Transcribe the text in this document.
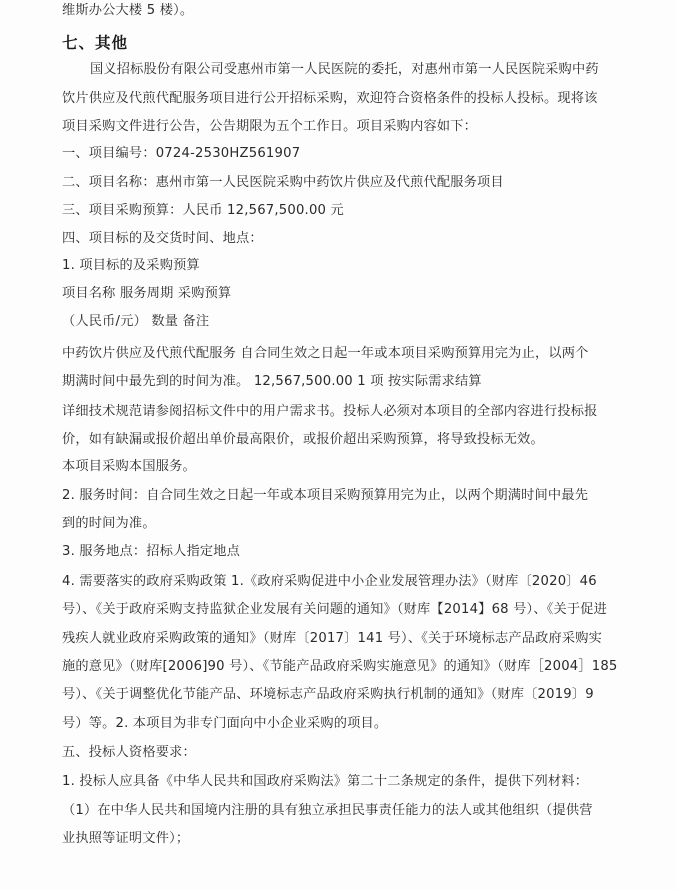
维斯办公大楼 5 楼）。
七、其他
国义招标股份有限公司受惠州市第一人民医院的委托，对惠州市第一人民医院采购中药
饮片供应及代煎代配服务项目进行公开招标采购，欢迎符合资格条件的投标人投标。现将该
项目采购文件进行公告，公告期限为五个工作日。项目采购内容如下：
一、项目编号：0724-2530HZ561907
二、项目名称：惠州市第一人民医院采购中药饮片供应及代煎代配服务项目
三、项目采购预算：人民币 12,567,500.00 元
四、项目标的及交货时间、地点：
1. 项目标的及采购预算
项目名称 服务周期 采购预算
（人民币/元） 数量 备注
中药饮片供应及代煎代配服务 自合同生效之日起一年或本项目采购预算用完为止，以两个
期满时间中最先到的时间为准。 12,567,500.00 1 项 按实际需求结算
详细技术规范请参阅招标文件中的用户需求书。投标人必须对本项目的全部内容进行投标报
价，如有缺漏或报价超出单价最高限价，或报价超出采购预算，将导致投标无效。
本项目采购本国服务。
2. 服务时间：自合同生效之日起一年或本项目采购预算用完为止，以两个期满时间中最先
到的时间为准。
3. 服务地点：招标人指定地点
4. 需要落实的政府采购政策 1.《政府采购促进中小企业发展管理办法》（财库〔2020〕46
号）、《关于政府采购支持监狱企业发展有关问题的通知》（财库【2014】68 号）、《关于促进
残疾人就业政府采购政策的通知》（财库〔2017〕141 号）、《关于环境标志产品政府采购实
施的意见》（财库[2006]90 号）、《节能产品政府采购实施意见》的通知》（财库［2004］185
号）、《关于调整优化节能产品、环境标志产品政府采购执行机制的通知》（财库〔2019〕9
号）等。2. 本项目为非专门面向中小企业采购的项目。
五、投标人资格要求：
1. 投标人应具备《中华人民共和国政府采购法》第二十二条规定的条件，提供下列材料：
（1）在中华人民共和国境内注册的具有独立承担民事责任能力的法人或其他组织（提供营
业执照等证明文件）；
